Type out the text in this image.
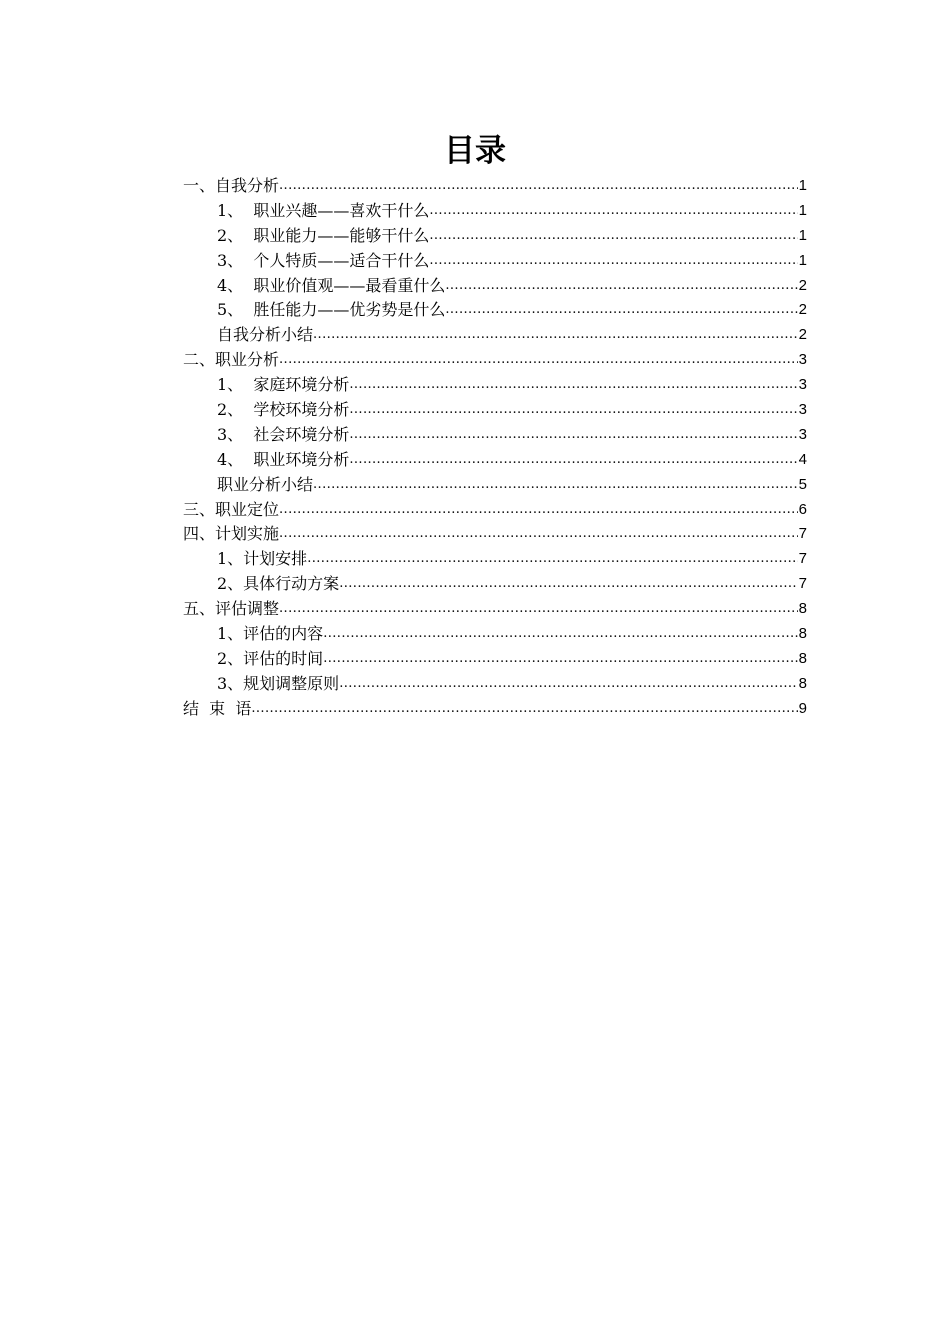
目录
一、自我分析 .....	1
1、  职业兴趣——喜欢干什么 .....	1
2、  职业能力——能够干什么 .....	1
3、  个人特质——适合干什么 .....	1
4、  职业价值观——最看重什么 .....	2
5、  胜任能力——优劣势是什么 .....	2
自我分析小结 .....	2
二、职业分析 .....	3
1、  家庭环境分析 .....	3
2、  学校环境分析 .....	3
3、  社会环境分析 .....	3
4、  职业环境分析 .....	4
职业分析小结 .....	5
三、职业定位 .....	6
四、计划实施 .....	7
1、计划安排 .....	7
2、具体行动方案 .....	7
五、评估调整 .....	8
1、评估的内容 .....	8
2、评估的时间 .....	8
3、规划调整原则 .....	8
结  束  语 .....	9
